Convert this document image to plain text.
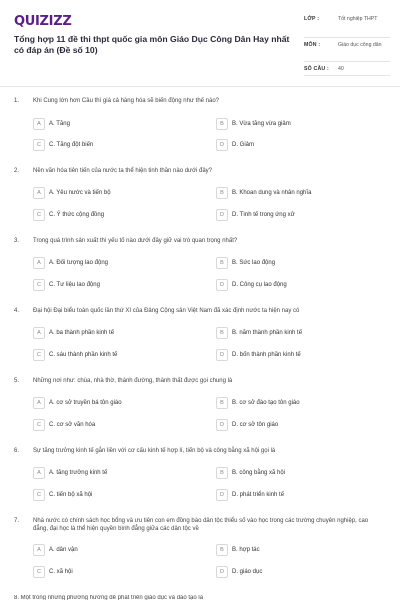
QUIZIZZ
Tổng hợp 11 đề thi thpt quốc gia môn Giáo Dục Công Dân Hay nhất có đáp án (Đề số 10)
LỚP :	Tốt nghiệp THPT
MÔN :	Giáo dục công dân
SỐ CÂU :	40
1.	Khi Cung lớn hơn Cầu thì giá cả hàng hóa sẽ biến động như thế nào?
A	A. Tăng	B	B. Vừa tăng vừa giảm
C	C. Tăng đột biến	D	D. Giảm
2.	Nền văn hóa tiên tiến của nước ta thể hiện tinh thần nào dưới đây?
A	A. Yêu nước và tiến bộ	B	B. Khoan dung và nhân nghĩa
C	C. Ý thức cộng đồng	D	D. Tình tế trong ứng xử
3.	Trong quá trình sản xuất thì yếu tố nào dưới đây giữ vai trò quan trọng nhất?
A	A. Đối tượng lao động	B	B. Sức lao động
C	C. Tư liệu lao động	D	D. Công cụ lao động
4.	Đại hội Đại biểu toàn quốc lần thứ XI của Đảng Cộng sản Việt Nam đã xác định nước ta hiện nay có
A	A. ba thành phần kinh tế	B	B. năm thành phần kinh tế
C	C. sáu thành phần kinh tế	D	D. bốn thành phần kinh tế
5.	Những nơi như: chùa, nhà thờ, thánh đường, thánh thất được gọi chung là
A	A. cơ sở truyền bá tôn giáo	B	B. cơ sở đào tạo tôn giáo
C	C. cơ sở văn hóa	D	D. cơ sở tôn giáo
6.	Sự tăng trưởng kinh tế gắn liền với cơ cấu kinh tế hợp lí, tiến bộ và công bằng xã hội gọi là
A	A. tăng trưởng kinh tế	B	B. công bằng xã hội
C	C. tiến bộ xã hội	D	D. phát triển kinh tế
7.	Nhà nước có chính sách học bổng và ưu tiên con em đồng bào dân tộc thiểu số vào học trong các trường chuyên nghiệp, cao đẳng, đại học là thể hiện quyền bình đẳng giữa các dân tộc về
A	A. dân vận	B	B. hợp tác
C	C. xã hội	D	D. giáo dục
8. Một trong những phương hướng để phát triển giáo dục và đào tạo là
